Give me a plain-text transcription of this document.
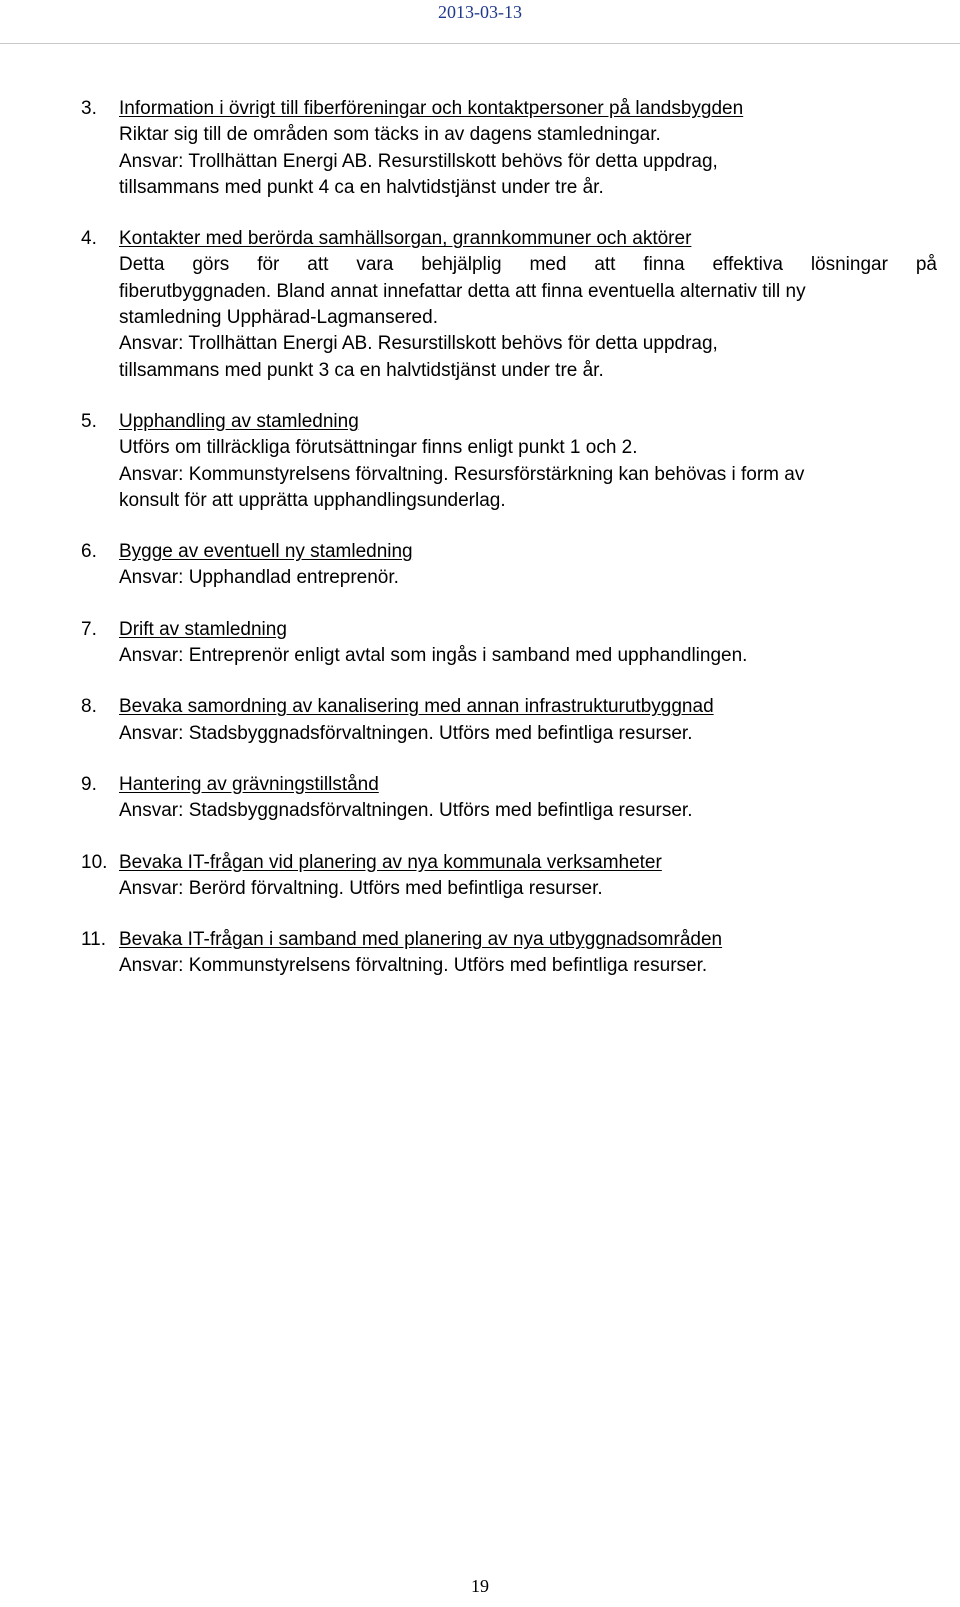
2013-03-13
3. Information i övrigt till fiberföreningar och kontaktpersoner på landsbygden
Riktar sig till de områden som täcks in av dagens stamledningar.
Ansvar: Trollhättan Energi AB. Resurstillskott behövs för detta uppdrag,
tillsammans med punkt 4 ca en halvtidstjänst under tre år.
4. Kontakter med berörda samhällsorgan, grannkommuner och aktörer
Detta görs för att vara behjälplig med att finna effektiva lösningar på
fiberutbyggnaden. Bland annat innefattar detta att finna eventuella alternativ till ny
stamledning Upphärad-Lagmansered.
Ansvar: Trollhättan Energi AB. Resurstillskott behövs för detta uppdrag,
tillsammans med punkt 3 ca en halvtidstjänst under tre år.
5. Upphandling av stamledning
Utförs om tillräckliga förutsättningar finns enligt punkt 1 och 2.
Ansvar: Kommunstyrelsens förvaltning. Resursförstärkning kan behövas i form av
konsult för att upprätta upphandlingsunderlag.
6. Bygge av eventuell ny stamledning
Ansvar: Upphandlad entreprenör.
7. Drift av stamledning
Ansvar: Entreprenör enligt avtal som ingås i samband med upphandlingen.
8. Bevaka samordning av kanalisering med annan infrastrukturutbyggnad
Ansvar: Stadsbyggnadsförvaltningen. Utförs med befintliga resurser.
9. Hantering av grävningstillstånd
Ansvar: Stadsbyggnadsförvaltningen. Utförs med befintliga resurser.
10. Bevaka IT-frågan vid planering av nya kommunala verksamheter
Ansvar: Berörd förvaltning. Utförs med befintliga resurser.
11. Bevaka IT-frågan i samband med planering av nya utbyggnadsområden
Ansvar: Kommunstyrelsens förvaltning. Utförs med befintliga resurser.
19
